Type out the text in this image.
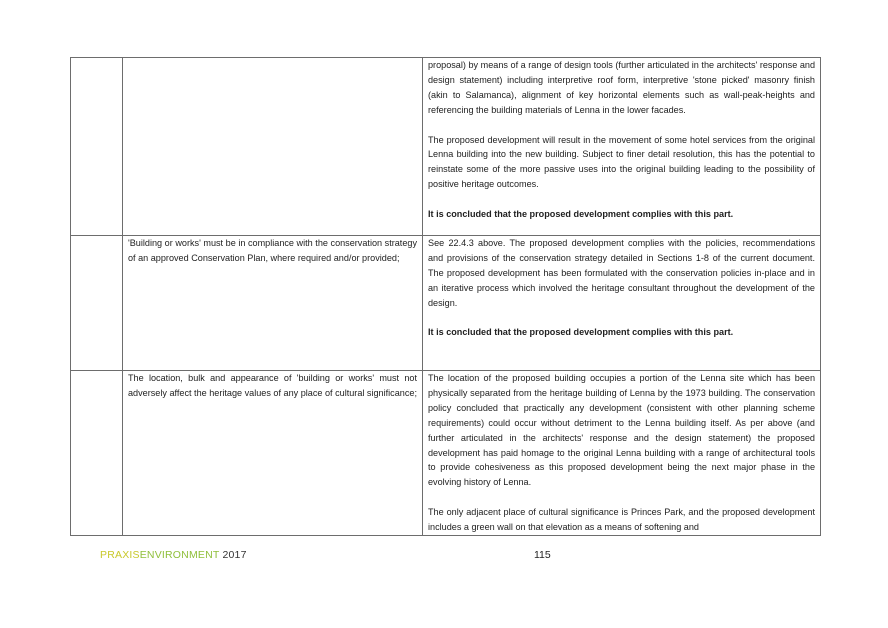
		proposal) by means of a range of design tools (further articulated in the architects' response and design statement) including interpretive roof form, interpretive 'stone picked' masonry finish (akin to Salamanca), alignment of key horizontal elements such as wall-peak-heights and referencing the building materials of Lenna in the lower facades.

The proposed development will result in the movement of some hotel services from the original Lenna building into the new building. Subject to finer detail resolution, this has the potential to reinstate some of the more passive uses into the original building leading to the possibility of positive heritage outcomes.

It is concluded that the proposed development complies with this part.

	'Building or works' must be in compliance with the conservation strategy of an approved Conservation Plan, where required and/or provided;	See 22.4.3 above. The proposed development complies with the policies, recommendations and provisions of the conservation strategy detailed in Sections 1-8 of the current document. The proposed development has been formulated with the conservation policies in-place and in an iterative process which involved the heritage consultant throughout the development of the design.

It is concluded that the proposed development complies with this part.

	The location, bulk and appearance of 'building or works' must not adversely affect the heritage values of any place of cultural significance;	The location of the proposed building occupies a portion of the Lenna site which has been physically separated from the heritage building of Lenna by the 1973 building. The conservation policy concluded that practically any development (consistent with other planning scheme requirements) could occur without detriment to the Lenna building itself. As per above (and further articulated in the architects' response and the design statement) the proposed development has paid homage to the original Lenna building with a range of architectural tools to provide cohesiveness as this proposed development being the next major phase in the evolving history of Lenna.

The only adjacent place of cultural significance is Princes Park, and the proposed development includes a green wall on that elevation as a means of softening and

PRAXISENVIRONMENT 2017	115
